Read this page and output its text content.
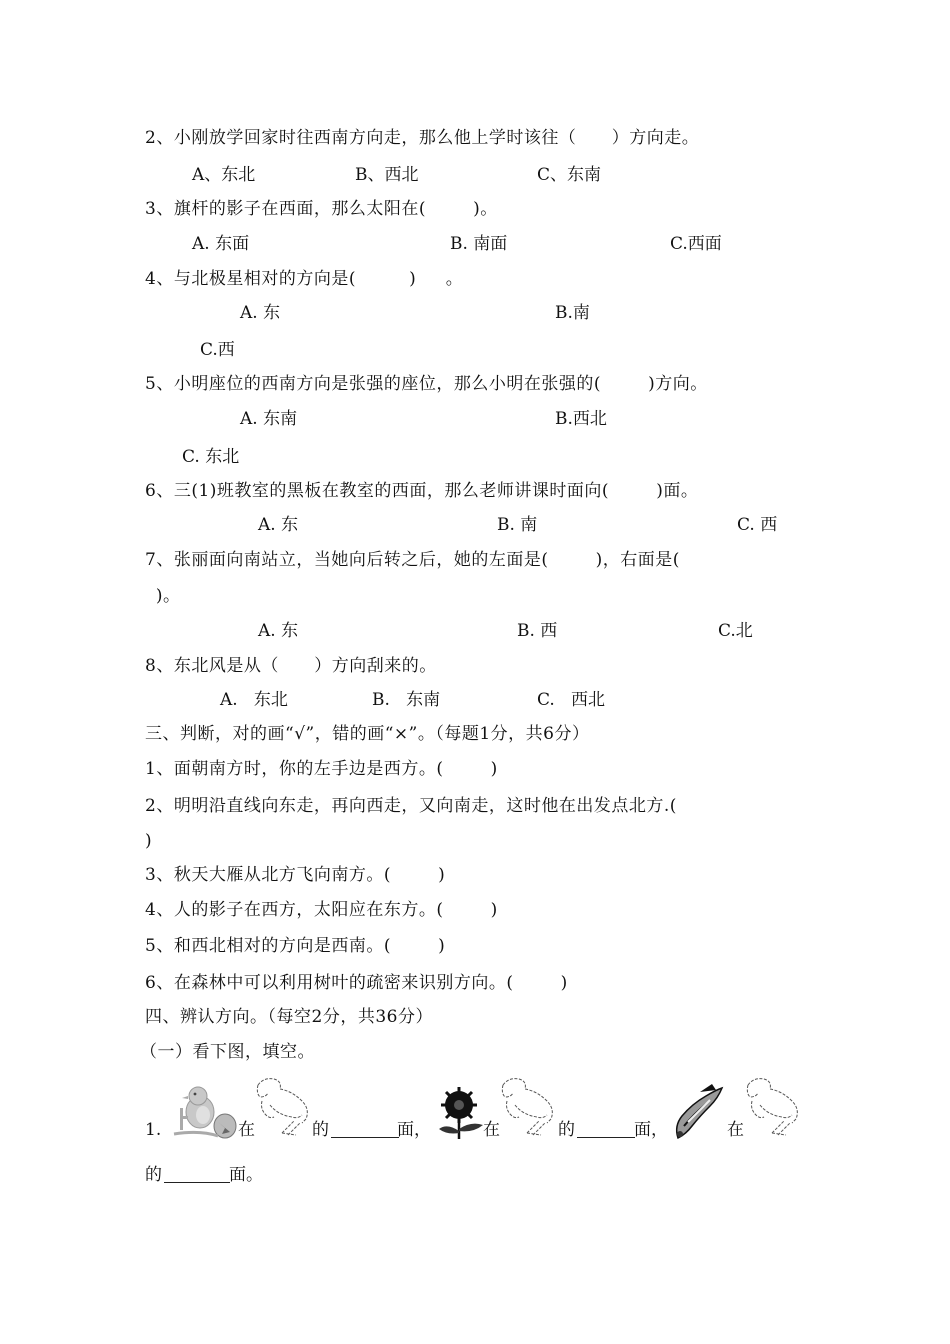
2、小刚放学回家时往西南方向走，那么他上学时该往（      ）方向走。
A、东北	B、西北	C、东南
3、旗杆的影子在西面，那么太阳在(        )。
A. 东面	B. 南面	C.西面
4、与北极星相对的方向是(         )     。
A. 东	B.南
C.西
5、小明座位的西南方向是张强的座位，那么小明在张强的(        )方向。
A. 东南	B.西北
C. 东北
6、三(1)班教室的黑板在教室的西面，那么老师讲课时面向(        )面。
A. 东	B. 南	C. 西
7、张丽面向南站立，当她向后转之后，她的左面是(        )，右面是(
)。
A. 东	B. 西	C.北
8、东北风是从（      ）方向刮来的。
A.   东北	B.   东南	C.   西北
三、判断，对的画“√”，错的画“×”。（每题1分，共6分）
1、面朝南方时，你的左手边是西方。(        )
2、明明沿直线向东走，再向西走，又向南走，这时他在出发点北方.(
)
3、秋天大雁从北方飞向南方。(        )
4、人的影子在西方，太阳应在东方。(        )
5、和西北相对的方向是西南。(        )
6、在森林中可以利用树叶的疏密来识别方向。(        )
四、辨认方向。（每空2分，共36分）
（一）看下图，填空。
1.	在	的	面，	在	的	面，	在
的	面。
